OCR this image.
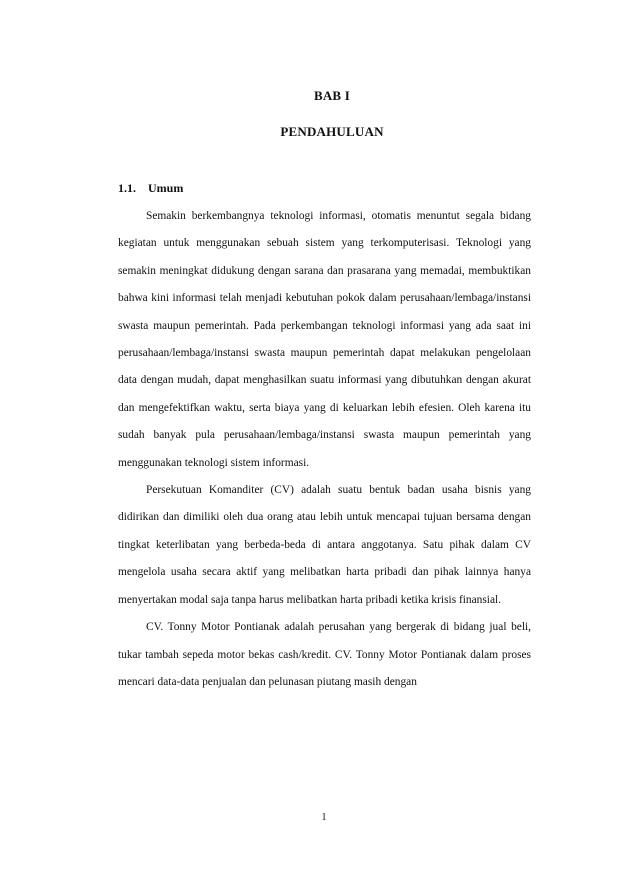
BAB I
PENDAHULUAN
1.1. Umum

Semakin berkembangnya teknologi informasi, otomatis menuntut segala bidang kegiatan untuk menggunakan sebuah sistem yang terkomputerisasi. Teknologi yang semakin meningkat didukung dengan sarana dan prasarana yang memadai, membuktikan bahwa kini informasi telah menjadi kebutuhan pokok dalam perusahaan/lembaga/instansi swasta maupun pemerintah. Pada perkembangan teknologi informasi yang ada saat ini perusahaan/lembaga/instansi swasta maupun pemerintah dapat melakukan pengelolaan data dengan mudah, dapat menghasilkan suatu informasi yang dibutuhkan dengan akurat dan mengefektifkan waktu, serta biaya yang di keluarkan lebih efesien. Oleh karena itu sudah banyak pula perusahaan/lembaga/instansi swasta maupun pemerintah yang menggunakan teknologi sistem informasi.

Persekutuan Komanditer (CV) adalah suatu bentuk badan usaha bisnis yang didirikan dan dimiliki oleh dua orang atau lebih untuk mencapai tujuan bersama dengan tingkat keterlibatan yang berbeda-beda di antara anggotanya. Satu pihak dalam CV mengelola usaha secara aktif yang melibatkan harta pribadi dan pihak lainnya hanya menyertakan modal saja tanpa harus melibatkan harta pribadi ketika krisis finansial.

CV. Tonny Motor Pontianak adalah perusahan yang bergerak di bidang jual beli, tukar tambah sepeda motor bekas cash/kredit. CV. Tonny Motor Pontianak dalam proses mencari data-data penjualan dan pelunasan piutang masih dengan

1
